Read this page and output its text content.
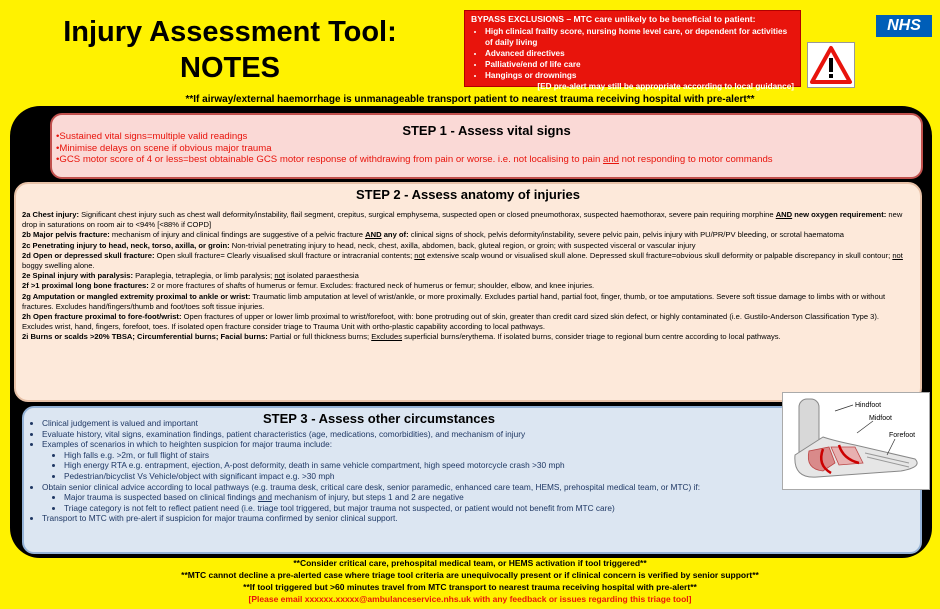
Injury Assessment Tool:
NOTES
BYPASS EXCLUSIONS – MTC care unlikely to be beneficial to patient:
• High clinical frailty score, nursing home level care, or dependent for activities of daily living
• Advanced directives
• Palliative/end of life care
• Hangings or drownings
[ED pre-alert may still be appropriate according to local guidance]
NHS
**If airway/external haemorrhage is unmanageable transport patient to nearest trauma receiving hospital with pre-alert**
STEP 1 - Assess vital signs
•Sustained vital signs=multiple valid readings
•Minimise delays on scene if obvious major trauma
•GCS motor score of 4 or less=best obtainable GCS motor response of withdrawing from pain or worse. i.e. not localising to pain and not responding to motor commands
STEP 2 - Assess anatomy of injuries

2a Chest injury: Significant chest injury such as chest wall deformity/instability, flail segment, crepitus, surgical emphysema, suspected open or closed pneumothorax, suspected haemothorax, severe pain requiring morphine AND new oxygen requirement: new drop in saturations on room air to <94% [<88% if COPD]

2b Major pelvis fracture: mechanism of injury and clinical findings are suggestive of a pelvic fracture AND any of: clinical signs of shock, pelvis deformity/instability, severe pelvic pain, pelvis injury with PU/PR/PV bleeding, or scrotal haematoma

2c Penetrating injury to head, neck, torso, axilla, or groin: Non-trivial penetrating injury to head, neck, chest, axilla, abdomen, back, gluteal region, or groin; with suspected visceral or vascular injury

2d Open or depressed skull fracture: Open skull fracture= Clearly visualised skull fracture or intracranial contents; not extensive scalp wound or visualised skull alone. Depressed skull fracture=obvious skull deformity or palpable discrepancy in skull contour; not boggy swelling alone.

2e Spinal injury with paralysis: Paraplegia, tetraplegia, or limb paralysis; not isolated paraesthesia

2f >1 proximal long bone fractures: 2 or more fractures of shafts of humerus or femur. Excludes: fractured neck of humerus or femur; shoulder, elbow, and knee injuries.

2g Amputation or mangled extremity proximal to ankle or wrist: Traumatic limb amputation at level of wrist/ankle, or more proximally. Excludes partial hand, partial foot, finger, thumb, or toe amputations. Severe soft tissue damage to limbs with or without fractures. Excludes hand/fingers/thumb and foot/toes soft tissue injuries.

2h Open fracture proximal to fore-foot/wrist: Open fractures of upper or lower limb proximal to wrist/forefoot, with: bone protruding out of skin, greater than credit card sized skin defect, or highly contaminated (i.e. Gustilo-Anderson Classification Type 3). Excludes wrist, hand, fingers, forefoot, toes. If isolated open fracture consider triage to Trauma Unit with ortho-plastic capability according to local pathways.

2i Burns or scalds >20% TBSA; Circumferential burns; Facial burns: Partial or full thickness burns; Excludes superficial burns/erythema. If isolated burns, consider triage to regional burn centre according to local pathways.

STEP 3 - Assess other circumstances
• Clinical judgement is valued and important
• Evaluate history, vital signs, examination findings, patient characteristics (age, medications, comorbidities), and mechanism of injury
• Examples of scenarios in which to heighten suspicion for major trauma include:
• High falls e.g. >2m, or full flight of stairs
• High energy RTA e.g. entrapment, ejection, A-post deformity, death in same vehicle compartment, high speed motorcycle crash >30 mph
• Pedestrian/bicyclist Vs Vehicle/object with significant impact e.g. >30 mph
• Obtain senior clinical advice according to local pathways (e.g. trauma desk, critical care desk, senior paramedic, enhanced care team, HEMS, prehospital medical team, or MTC) if:
• Major trauma is suspected based on clinical findings and mechanism of injury, but steps 1 and 2 are negative
• Triage category is not felt to reflect patient need (i.e. triage tool triggered, but major trauma not suspected, or patient would not benefit from MTC care)
• Transport to MTC with pre-alert if suspicion for major trauma confirmed by senior clinical support.
Hindfoot
Midfoot
Forefoot
**Consider critical care, prehospital medical team, or HEMS activation if tool triggered**
**MTC cannot decline a pre-alerted case where triage tool criteria are unequivocally present or if clinical concern is verified by senior support**
**If tool triggered but >60 minutes travel from MTC transport to nearest trauma receiving hospital with pre-alert**
[Please email xxxxxx.xxxxx@ambulanceservice.nhs.uk with any feedback or issues regarding this triage tool]
